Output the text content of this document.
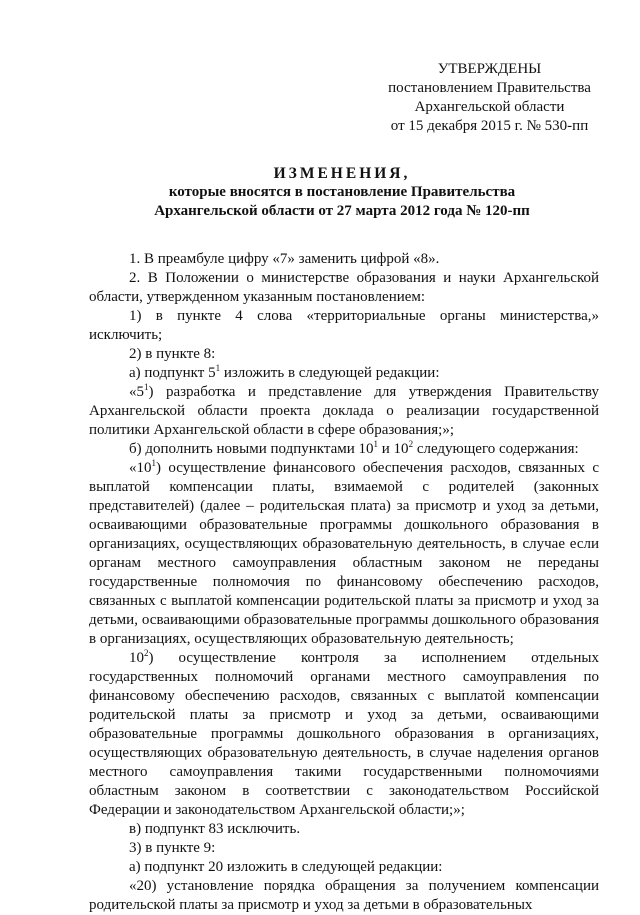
УТВЕРЖДЕНЫ
постановлением Правительства
Архангельской области
от 15 декабря 2015 г. № 530-пп
ИЗМЕНЕНИЯ,
которые вносятся в постановление Правительства
Архангельской области от 27 марта 2012 года № 120-пп

1. В преамбуле цифру «7» заменить цифрой «8».

2. В Положении о министерстве образования и науки Архангельской области, утвержденном указанным постановлением:

1) в пункте 4 слова «территориальные органы министерства,» исключить;

2) в пункте 8:

а) подпункт $5^1$ изложить в следующей редакции:

«$5^1$) разработка и представление для утверждения Правительству Архангельской области проекта доклада о реализации государственной политики Архангельской области в сфере образования;»;

б) дополнить новыми подпунктами $10^1$ и $10^2$ следующего содержания:

«$10^1$) осуществление финансового обеспечения расходов, связанных с выплатой компенсации платы, взимаемой с родителей (законных представителей) (далее – родительская плата) за присмотр и уход за детьми, осваивающими образовательные программы дошкольного образования в организациях, осуществляющих образовательную деятельность, в случае если органам местного самоуправления областным законом не переданы государственные полномочия по финансовому обеспечению расходов, связанных с выплатой компенсации родительской платы за присмотр и уход за детьми, осваивающими образовательные программы дошкольного образования в организациях, осуществляющих образовательную деятельность;

$10^2$) осуществление контроля за исполнением отдельных государственных полномочий органами местного самоуправления по финансовому обеспечению расходов, связанных с выплатой компенсации родительской платы за присмотр и уход за детьми, осваивающими образовательные программы дошкольного образования в организациях, осуществляющих образовательную деятельность, в случае наделения органов местного самоуправления такими государственными полномочиями областным законом в соответствии с законодательством Российской Федерации и законодательством Архангельской области;»;

в) подпункт 83 исключить.

3) в пункте 9:

а) подпункт 20 изложить в следующей редакции:

«20) установление порядка обращения за получением компенсации родительской платы за присмотр и уход за детьми в образовательных
